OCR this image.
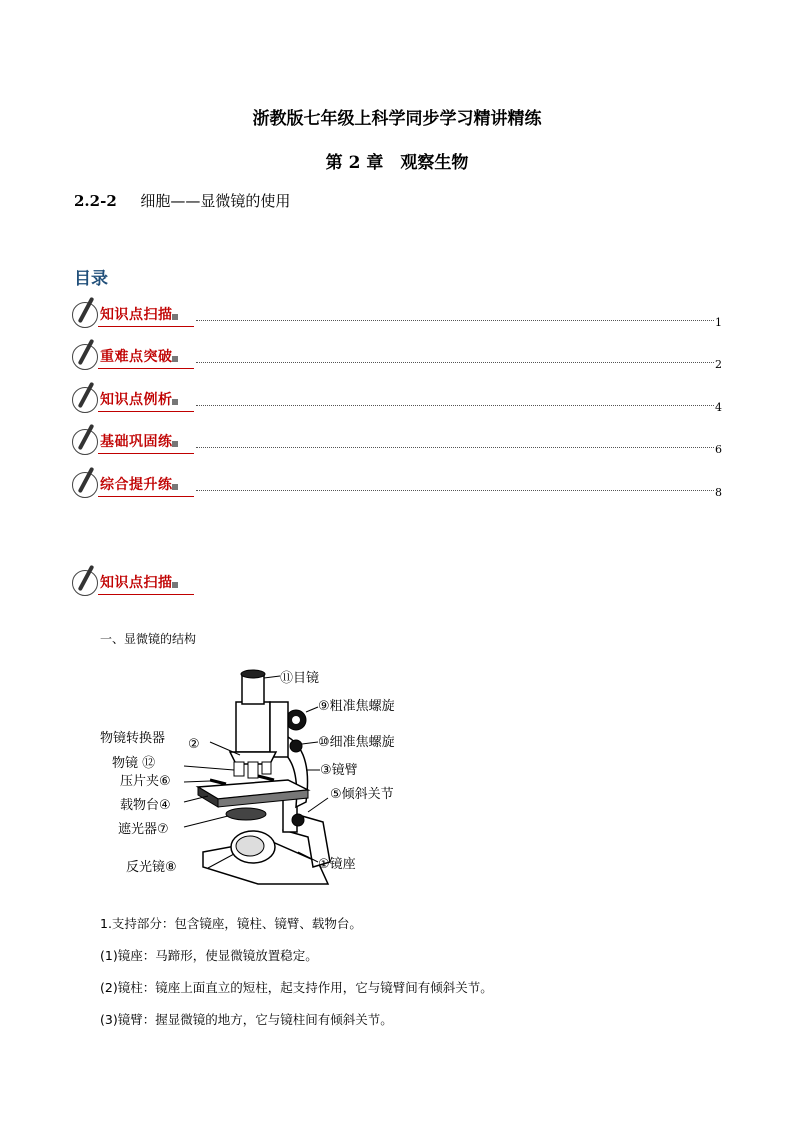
浙教版七年级上科学同步学习精讲精练
第 2 章　观察生物
2.2-2 细胞——显微镜的使用
目录
知识点扫描	1
重难点突破	2
知识点例析	4
基础巩固练	6
综合提升练	8
知识点扫描
一、显微镜的结构
⑪目镜
⑨粗准焦螺旋
⑩细准焦螺旋
③镜臂
⑤倾斜关节
①镜座
物镜转换器 ②
物镜 ⑫
压片夹⑥
载物台④
遮光器⑦
反光镜⑧
1.支持部分：包含镜座，镜柱、镜臂、载物台。
(1)镜座：马蹄形，使显微镜放置稳定。
(2)镜柱：镜座上面直立的短柱，起支持作用，它与镜臂间有倾斜关节。
(3)镜臂：握显微镜的地方，它与镜柱间有倾斜关节。
